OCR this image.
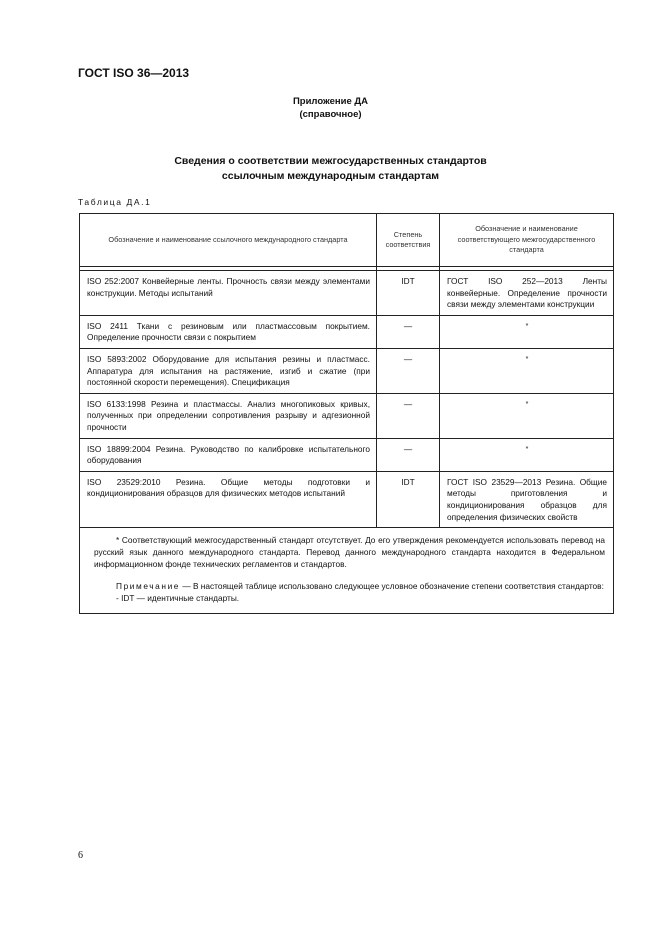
ГОСТ ISO 36—2013
Приложение ДА
(справочное)
Сведения о соответствии межгосударственных стандартов
ссылочным международным стандартам
Таблица ДА.1
Обозначение и наименование ссылочного международного стандарта	Степень соответствия	Обозначение и наименование соответствующего межгосударственного стандарта

ISO 252:2007 Конвейерные ленты. Прочность связи между элементами конструкции. Методы испытаний	IDT	ГОСТ ISO 252—2013 Ленты конвейерные. Определение прочности связи между элементами конструкции
ISO 2411 Ткани с резиновым или пластмассовым покрытием. Определение прочности связи с покрытием	—	*
ISO 5893:2002 Оборудование для испытания резины и пластмасс. Аппаратура для испытания на растяжение, изгиб и сжатие (при постоянной скорости перемещения). Спецификация	—	*
ISO 6133:1998 Резина и пластмассы. Анализ многопиковых кривых, полученных при определении сопротивления разрыву и адгезионной прочности	—	*
ISO 18899:2004 Резина. Руководство по калибровке испытательного оборудования	—	*
ISO 23529:2010 Резина. Общие методы подготовки и кондиционирования образцов для физических методов испытаний	IDT	ГОСТ ISO 23529—2013 Резина. Общие методы приготовления и кондиционирования образцов для определения физических свойств

* Соответствующий межгосударственный стандарт отсутствует. До его утверждения рекомендуется использовать перевод на русский язык данного международного стандарта. Перевод данного международного стандарта находится в Федеральном информационном фонде технических регламентов и стандартов.

Примечание — В настоящей таблице использовано следующее условное обозначение степени соответствия стандартов:

- IDT — идентичные стандарты.		
6
